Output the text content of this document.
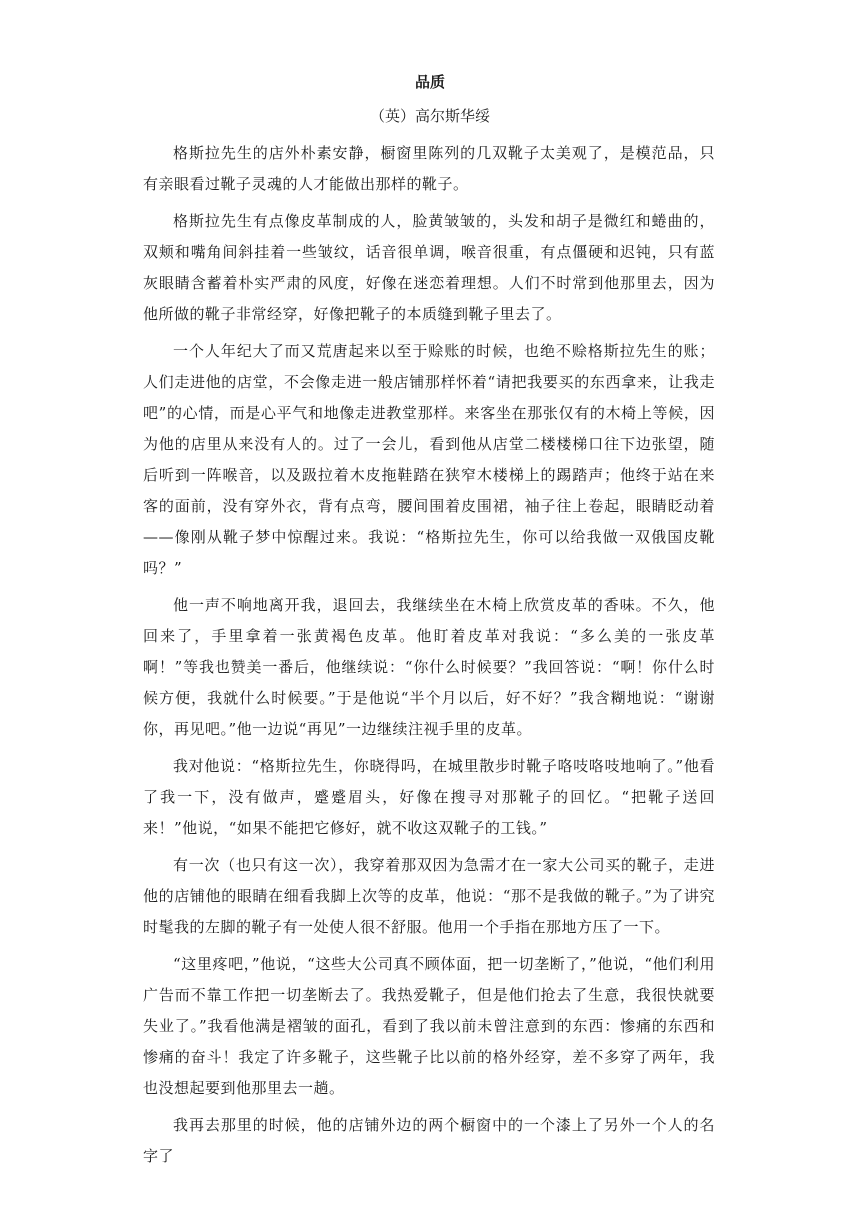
品质
（英）高尔斯华绥

格斯拉先生的店外朴素安静，橱窗里陈列的几双靴子太美观了，是模范品，只有亲眼看过靴子灵魂的人才能做出那样的靴子。

格斯拉先生有点像皮革制成的人，脸黄皱皱的，头发和胡子是微红和蜷曲的，双颊和嘴角间斜挂着一些皱纹，话音很单调，喉音很重，有点僵硬和迟钝，只有蓝灰眼睛含蓄着朴实严肃的风度，好像在迷恋着理想。人们不时常到他那里去，因为他所做的靴子非常经穿，好像把靴子的本质缝到靴子里去了。

一个人年纪大了而又荒唐起来以至于赊账的时候，也绝不赊格斯拉先生的账；人们走进他的店堂，不会像走进一般店铺那样怀着“请把我要买的东西拿来，让我走吧”的心情，而是心平气和地像走进教堂那样。来客坐在那张仅有的木椅上等候，因为他的店里从来没有人的。过了一会儿，看到他从店堂二楼楼梯口往下边张望，随后听到一阵喉音，以及趿拉着木皮拖鞋踏在狭窄木楼梯上的踢踏声；他终于站在来客的面前，没有穿外衣，背有点弯，腰间围着皮围裙，袖子往上卷起，眼睛眨动着——像刚从靴子梦中惊醒过来。我说：“格斯拉先生，你可以给我做一双俄国皮靴吗？”

他一声不响地离开我，退回去，我继续坐在木椅上欣赏皮革的香味。不久，他回来了，手里拿着一张黄褐色皮革。他盯着皮革对我说：“多么美的一张皮革啊！”等我也赞美一番后，他继续说：“你什么时候要？”我回答说：“啊！你什么时候方便，我就什么时候要。”于是他说“半个月以后，好不好？”我含糊地说：“谢谢你，再见吧。”他一边说“再见”一边继续注视手里的皮革。

我对他说：“格斯拉先生，你晓得吗，在城里散步时靴子咯吱咯吱地响了。”他看了我一下，没有做声，蹙蹙眉头，好像在搜寻对那靴子的回忆。“把靴子送回来！”他说，“如果不能把它修好，就不收这双靴子的工钱。”

有一次（也只有这一次），我穿着那双因为急需才在一家大公司买的靴子，走进他的店铺他的眼睛在细看我脚上次等的皮革，他说：“那不是我做的靴子。”为了讲究时髦我的左脚的靴子有一处使人很不舒服。他用一个手指在那地方压了一下。

“这里疼吧，”他说，“这些大公司真不顾体面，把一切垄断了，”他说，“他们利用广告而不靠工作把一切垄断去了。我热爱靴子，但是他们抢去了生意，我很快就要失业了。”我看他满是褶皱的面孔，看到了我以前未曾注意到的东西：惨痛的东西和惨痛的奋斗！我定了许多靴子，这些靴子比以前的格外经穿，差不多穿了两年，我也没想起要到他那里去一趟。

我再去那里的时候，他的店铺外边的两个橱窗中的一个漆上了另外一个人的名字了
